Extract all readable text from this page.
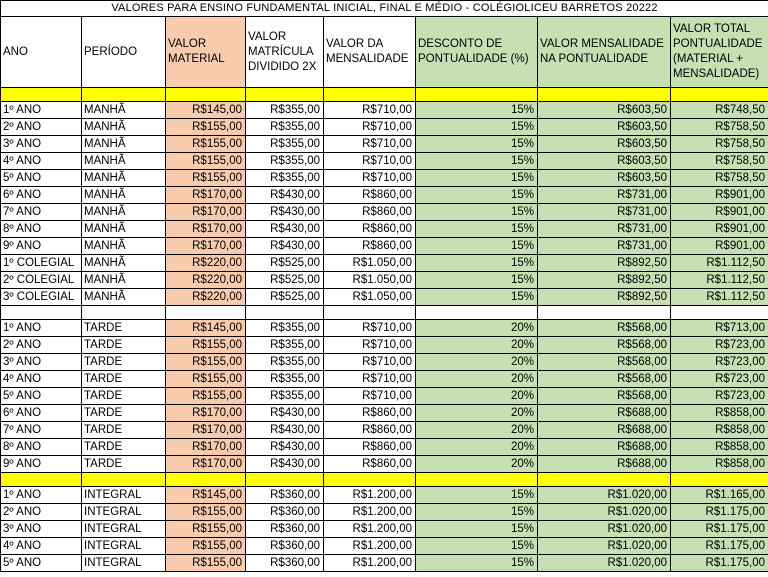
VALORES PARA ENSINO FUNDAMENTAL INICIAL, FINAL E MÉDIO - COLÉGIOLICEU BARRETOS 20222							
ANO	PERÍODO	VALOR MATERIAL	VALOR MATRÍCULA DIVIDIDO 2X	VALOR DA MENSALIDADE	DESCONTO DE PONTUALIDADE (%)	VALOR MENSALIDADE NA PONTUALIDADE	VALOR TOTAL PONTUALIDADE (MATERIAL + MENSALIDADE)

1º ANO	MANHÃ	R$145,00	R$355,00	R$710,00	15%	R$603,50	R$748,50
2º ANO	MANHÃ	R$155,00	R$355,00	R$710,00	15%	R$603,50	R$758,50
3º ANO	MANHÃ	R$155,00	R$355,00	R$710,00	15%	R$603,50	R$758,50
4º ANO	MANHÃ	R$155,00	R$355,00	R$710,00	15%	R$603,50	R$758,50
5º ANO	MANHÃ	R$155,00	R$355,00	R$710,00	15%	R$603,50	R$758,50
6º ANO	MANHÃ	R$170,00	R$430,00	R$860,00	15%	R$731,00	R$901,00
7º ANO	MANHÃ	R$170,00	R$430,00	R$860,00	15%	R$731,00	R$901,00
8º ANO	MANHÃ	R$170,00	R$430,00	R$860,00	15%	R$731,00	R$901,00
9º ANO	MANHÃ	R$170,00	R$430,00	R$860,00	15%	R$731,00	R$901,00
1º COLEGIAL	MANHÃ	R$220,00	R$525,00	R$1.050,00	15%	R$892,50	R$1.112,50
2º COLEGIAL	MANHÃ	R$220,00	R$525,00	R$1.050,00	15%	R$892,50	R$1.112,50
3º COLEGIAL	MANHÃ	R$220,00	R$525,00	R$1.050,00	15%	R$892,50	R$1.112,50

1º ANO	TARDE	R$145,00	R$355,00	R$710,00	20%	R$568,00	R$713,00
2º ANO	TARDE	R$155,00	R$355,00	R$710,00	20%	R$568,00	R$723,00
3º ANO	TARDE	R$155,00	R$355,00	R$710,00	20%	R$568,00	R$723,00
4º ANO	TARDE	R$155,00	R$355,00	R$710,00	20%	R$568,00	R$723,00
5º ANO	TARDE	R$155,00	R$355,00	R$710,00	20%	R$568,00	R$723,00
6º ANO	TARDE	R$170,00	R$430,00	R$860,00	20%	R$688,00	R$858,00
7º ANO	TARDE	R$170,00	R$430,00	R$860,00	20%	R$688,00	R$858,00
8º ANO	TARDE	R$170,00	R$430,00	R$860,00	20%	R$688,00	R$858,00
9º ANO	TARDE	R$170,00	R$430,00	R$860,00	20%	R$688,00	R$858,00

1º ANO	INTEGRAL	R$145,00	R$360,00	R$1.200,00	15%	R$1.020,00	R$1.165,00
2º ANO	INTEGRAL	R$155,00	R$360,00	R$1.200,00	15%	R$1.020,00	R$1.175,00
3º ANO	INTEGRAL	R$155,00	R$360,00	R$1.200,00	15%	R$1.020,00	R$1.175,00
4º ANO	INTEGRAL	R$155,00	R$360,00	R$1.200,00	15%	R$1.020,00	R$1.175,00
5º ANO	INTEGRAL	R$155,00	R$360,00	R$1.200,00	15%	R$1.020,00	R$1.175,00
